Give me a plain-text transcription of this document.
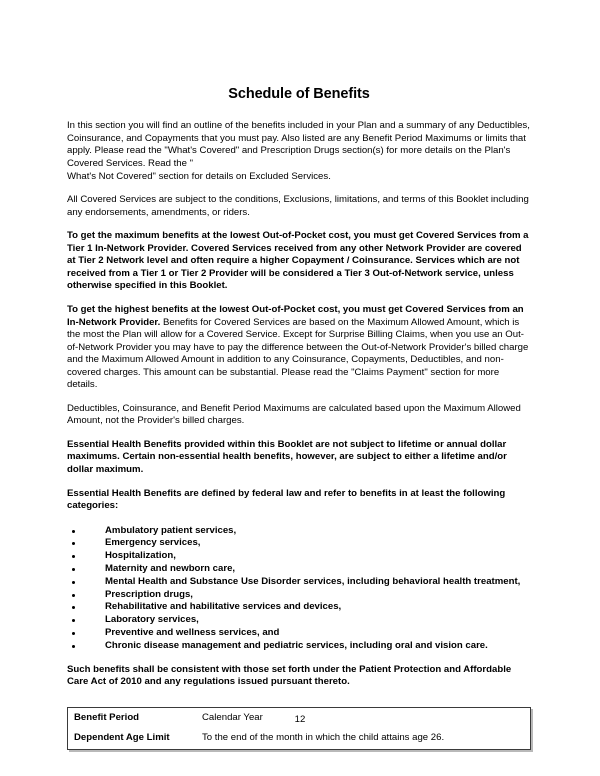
Schedule of Benefits

In this section you will find an outline of the benefits included in your Plan and a summary of any Deductibles, Coinsurance, and Copayments that you must pay. Also listed are any Benefit Period Maximums or limits that apply. Please read the "What's Covered" and Prescription Drugs section(s) for more details on the Plan's Covered Services. Read the "
What's Not Covered" section for details on Excluded Services.

All Covered Services are subject to the conditions, Exclusions, limitations, and terms of this Booklet including any endorsements, amendments, or riders.

To get the maximum benefits at the lowest Out-of-Pocket cost, you must get Covered Services from a Tier 1 In-Network Provider. Covered Services received from any other Network Provider are covered at Tier 2 Network level and often require a higher Copayment / Coinsurance. Services which are not received from a Tier 1 or Tier 2 Provider will be considered a Tier 3 Out-of-Network service, unless otherwise specified in this Booklet.

To get the highest benefits at the lowest Out-of-Pocket cost, you must get Covered Services from an In-Network Provider. Benefits for Covered Services are based on the Maximum Allowed Amount, which is the most the Plan will allow for a Covered Service. Except for Surprise Billing Claims, when you use an Out-of-Network Provider you may have to pay the difference between the Out-of-Network Provider's billed charge and the Maximum Allowed Amount in addition to any Coinsurance, Copayments, Deductibles, and non-covered charges. This amount can be substantial. Please read the "Claims Payment" section for more details.

Deductibles, Coinsurance, and Benefit Period Maximums are calculated based upon the Maximum Allowed Amount, not the Provider's billed charges.

Essential Health Benefits provided within this Booklet are not subject to lifetime or annual dollar maximums. Certain non-essential health benefits, however, are subject to either a lifetime and/or dollar maximum.

Essential Health Benefits are defined by federal law and refer to benefits in at least the following categories:

Ambulatory patient services,
Emergency services,
Hospitalization,
Maternity and newborn care,
Mental Health and Substance Use Disorder services, including behavioral health treatment,
Prescription drugs,
Rehabilitative and habilitative services and devices,
Laboratory services,
Preventive and wellness services, and
Chronic disease management and pediatric services, including oral and vision care.

Such benefits shall be consistent with those set forth under the Patient Protection and Affordable Care Act of 2010 and any regulations issued pursuant thereto.

Benefit Period	Calendar Year
Dependent Age Limit	To the end of the month in which the child attains age 26.
12
